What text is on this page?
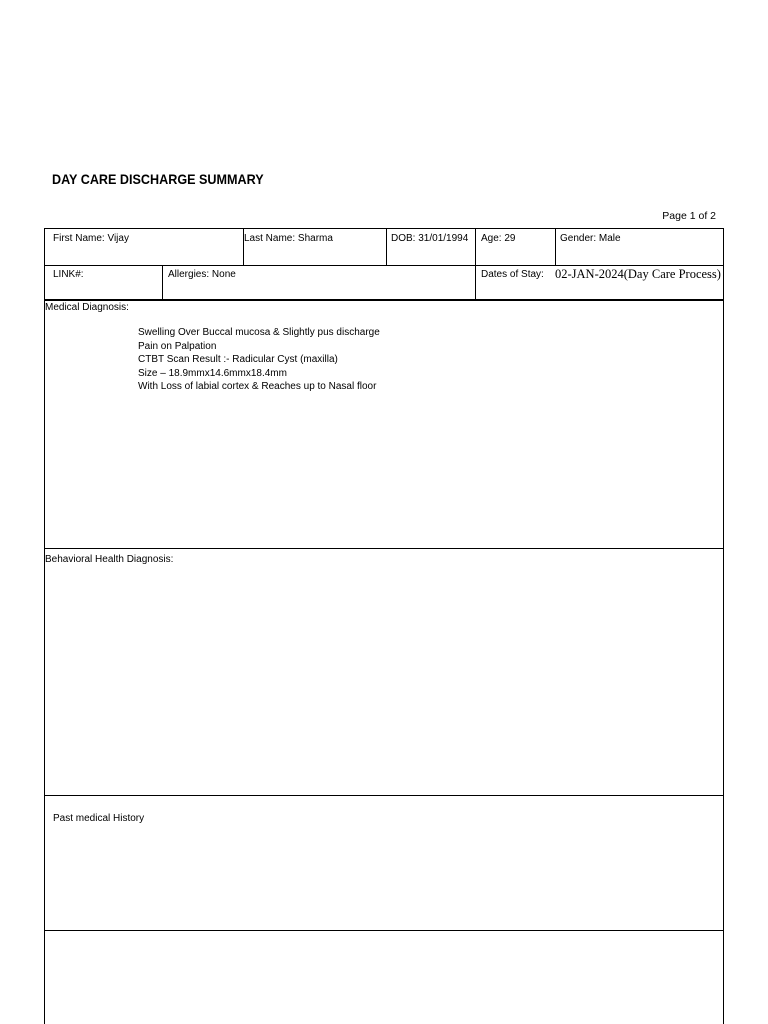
DAY CARE DISCHARGE SUMMARY
Page 1 of 2
First Name: Vijay	Last Name: Sharma	DOB: 31/01/1994	Age: 29	Gender: Male
LINK#:	Allergies: None	Dates of Stay: 02-JAN-2024(Day Care Process)
Medical Diagnosis:
Swelling Over Buccal mucosa & Slightly pus discharge
Pain on Palpation
CTBT Scan Result :- Radicular Cyst (maxilla)
Size – 18.9mmx14.6mmx18.4mm
With Loss of labial cortex & Reaches up to Nasal floor
Behavioral Health Diagnosis:
Past medical History
